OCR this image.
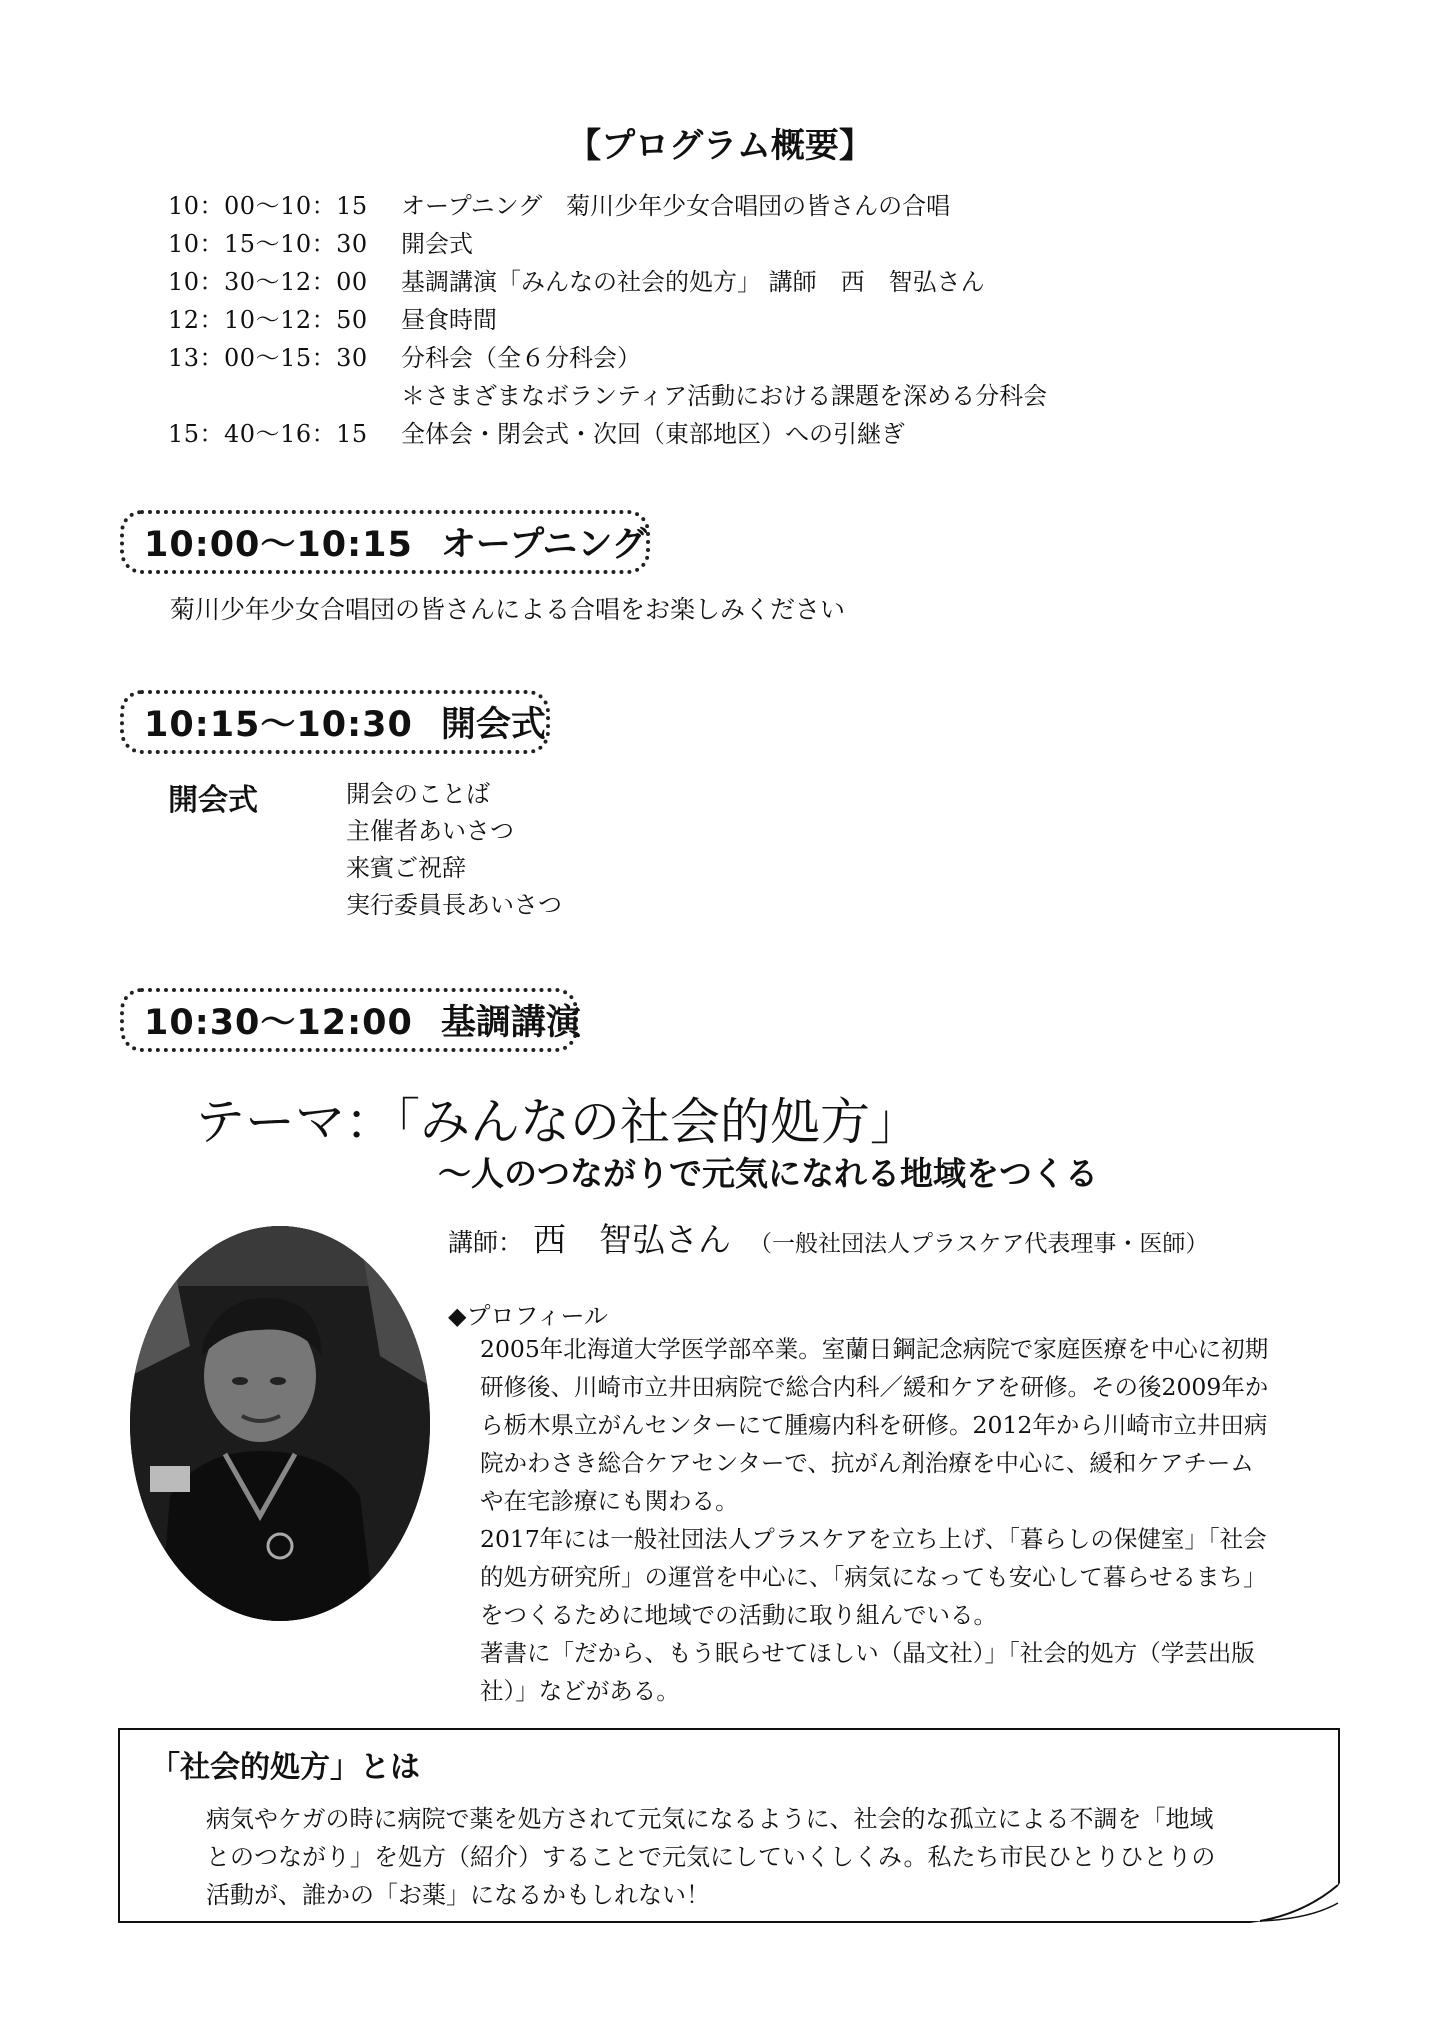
【プログラム概要】
10：00〜10：15	オープニング　菊川少年少女合唱団の皆さんの合唱
10：15〜10：30	開会式
10：30〜12：00	基調講演「みんなの社会的処方」 講師　西　智弘さん
12：10〜12：50	昼食時間
13：00〜15：30	分科会（全６分科会）
＊さまざまなボランティア活動における課題を深める分科会
15：40〜16：15	全体会・閉会式・次回（東部地区）への引継ぎ
10:00〜10:15 オープニング
菊川少年少女合唱団の皆さんによる合唱をお楽しみください
10:15〜10:30 開会式
開会式	開会のことば
主催者あいさつ
来賓ご祝辞
実行委員長あいさつ
10:30〜12:00 基調講演
テーマ：「みんなの社会的処方」
〜人のつながりで元気になれる地域をつくる
講師： 西　智弘さん （一般社団法人プラスケア代表理事・医師）
◆プロフィール
2005年北海道大学医学部卒業。室蘭日鋼記念病院で家庭医療を中心に初期
研修後、川崎市立井田病院で総合内科／緩和ケアを研修。その後2009年か
ら栃木県立がんセンターにて腫瘍内科を研修。2012年から川崎市立井田病
院かわさき総合ケアセンターで、抗がん剤治療を中心に、緩和ケアチーム
や在宅診療にも関わる。
2017年には一般社団法人プラスケアを立ち上げ、「暮らしの保健室」「社会
的処方研究所」の運営を中心に、「病気になっても安心して暮らせるまち」
をつくるために地域での活動に取り組んでいる。
著書に「だから、もう眠らせてほしい（晶文社）」「社会的処方（学芸出版
社）」などがある。
「社会的処方」とは
病気やケガの時に病院で薬を処方されて元気になるように、社会的な孤立による不調を「地域
とのつながり」を処方（紹介）することで元気にしていくしくみ。私たち市民ひとりひとりの
活動が、誰かの「お薬」になるかもしれない！
